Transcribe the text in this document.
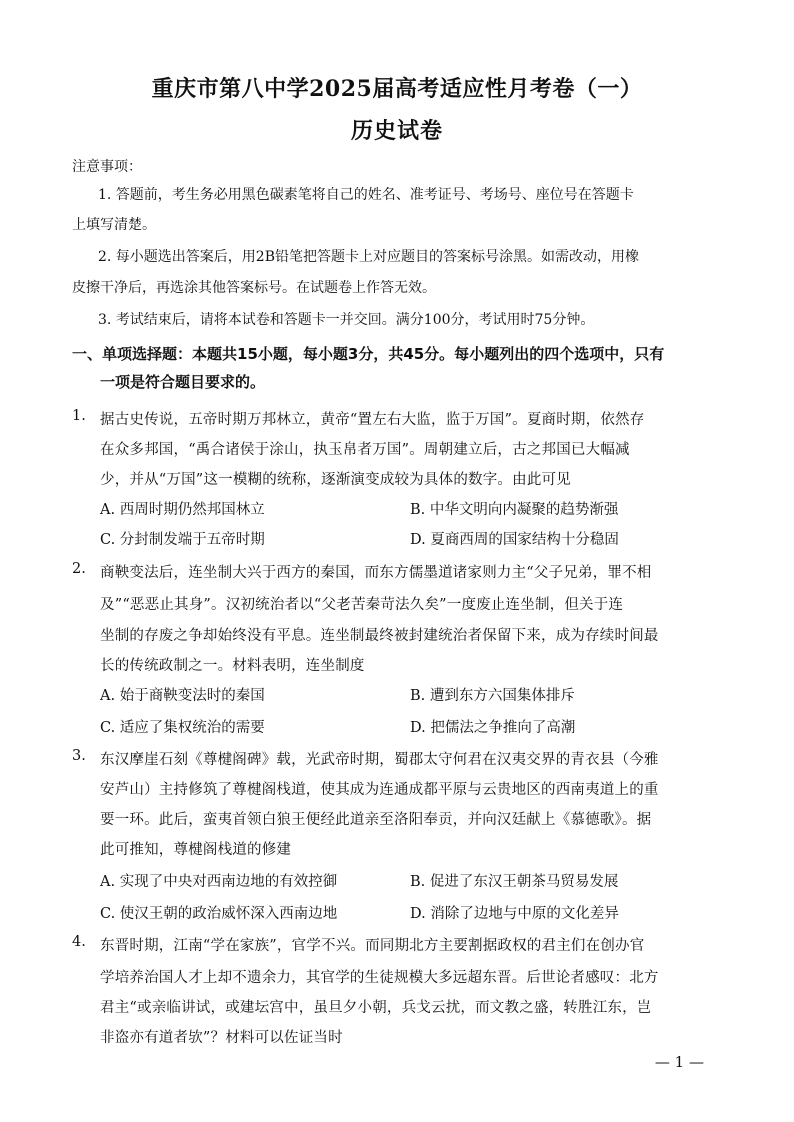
重庆市第八中学2025届高考适应性月考卷（一）
历史试卷
注意事项：
1. 答题前，考生务必用黑色碳素笔将自己的姓名、准考证号、考场号、座位号在答题卡
上填写清楚。
2. 每小题选出答案后，用2B铅笔把答题卡上对应题目的答案标号涂黑。如需改动，用橡
皮擦干净后，再选涂其他答案标号。在试题卷上作答无效。
3. 考试结束后，请将本试卷和答题卡一并交回。满分100分，考试用时75分钟。
一、单项选择题：本题共15小题，每小题3分，共45分。每小题列出的四个选项中，只有
一项是符合题目要求的。
1. 据古史传说，五帝时期万邦林立，黄帝“置左右大监，监于万国”。夏商时期，依然存
在众多邦国，“禹合诸侯于涂山，执玉帛者万国”。周朝建立后，古之邦国已大幅减
少，并从“万国”这一模糊的统称，逐渐演变成较为具体的数字。由此可见
A. 西周时期仍然邦国林立	B. 中华文明向内凝聚的趋势渐强
C. 分封制发端于五帝时期	D. 夏商西周的国家结构十分稳固
2. 商鞅变法后，连坐制大兴于西方的秦国，而东方儒墨道诸家则力主“父子兄弟，罪不相
及”“恶恶止其身”。汉初统治者以“父老苦秦苛法久矣”一度废止连坐制，但关于连
坐制的存废之争却始终没有平息。连坐制最终被封建统治者保留下来，成为存续时间最
长的传统政制之一。材料表明，连坐制度
A. 始于商鞅变法时的秦国	B. 遭到东方六国集体排斥
C. 适应了集权统治的需要	D. 把儒法之争推向了高潮
3. 东汉摩崖石刻《尊楗阁碑》载，光武帝时期，蜀郡太守何君在汉夷交界的青衣县（今雅
安芦山）主持修筑了尊楗阁栈道，使其成为连通成都平原与云贵地区的西南夷道上的重
要一环。此后，蛮夷首领白狼王便经此道亲至洛阳奉贡，并向汉廷献上《慕德歌》。据
此可推知，尊楗阁栈道的修建
A. 实现了中央对西南边地的有效控御	B. 促进了东汉王朝茶马贸易发展
C. 使汉王朝的政治威怀深入西南边地	D. 消除了边地与中原的文化差异
4. 东晋时期，江南“学在家族”，官学不兴。而同期北方主要割据政权的君主们在创办官
学培养治国人才上却不遗余力，其官学的生徒规模大多远超东晋。后世论者感叹：北方
君主“或亲临讲试，或建坛宫中，虽旦夕小朝，兵戈云扰，而文教之盛，转胜江东，岂
非盗亦有道者欤”？材料可以佐证当时
— 1 —
